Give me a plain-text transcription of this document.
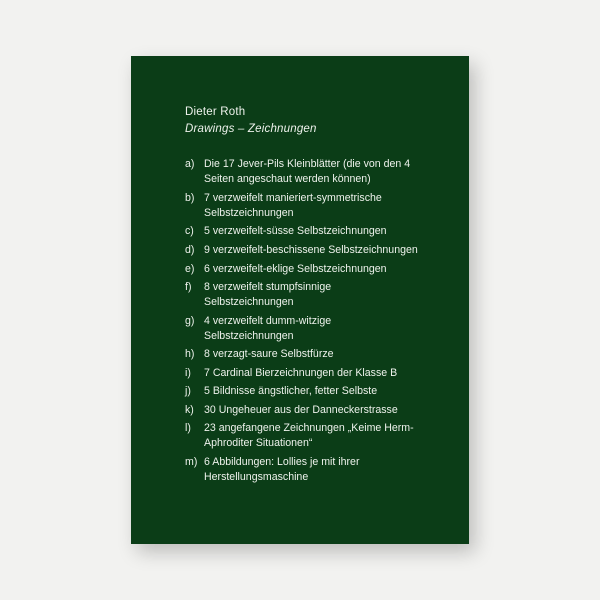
Dieter Roth
Drawings – Zeichnungen
a) Die 17 Jever-Pils Kleinblätter (die von den 4 Seiten angeschaut werden können)
b) 7 verzweifelt manieriert-symmetrische Selbstzeichnungen
c) 5 verzweifelt-süsse Selbstzeichnungen
d) 9 verzweifelt-beschissene Selbstzeichnungen
e) 6 verzweifelt-eklige Selbstzeichnungen
f)	8 verzweifelt stumpfsinnige Selbstzeichnungen
g) 4 verzweifelt dumm-witzige Selbstzeichnungen
h) 8 verzagt-saure Selbstfürze
i)	7 Cardinal Bierzeichnungen der Klasse B
j)	5 Bildnisse ängstlicher, fetter Selbste
k) 30 Ungeheuer aus der Danneckerstrasse
l)	23 angefangene Zeichnungen „Keime Herm-Aphroditer Situationen“
m) 6 Abbildungen: Lollies je mit ihrer Herstellungsmaschine
